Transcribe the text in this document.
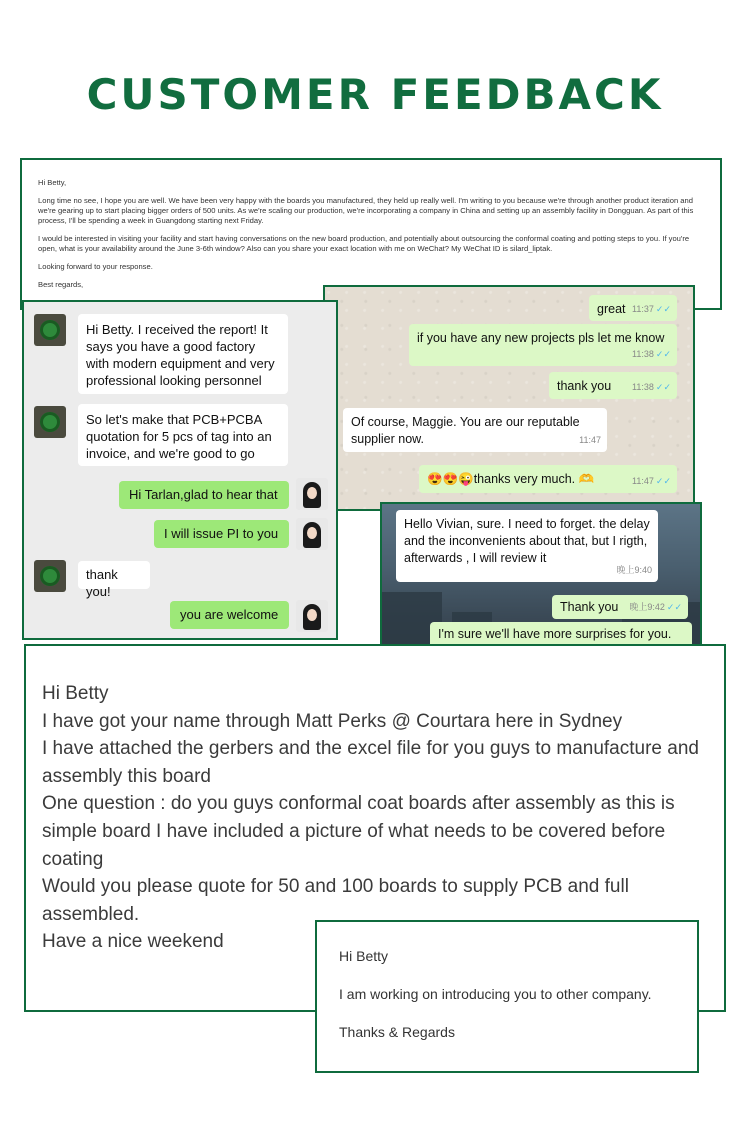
CUSTOMER FEEDBACK

Hi Betty,

Long time no see, I hope you are well. We have been very happy with the boards you manufactured, they held up really well. I'm writing to you because we're through another product iteration and we're gearing up to start placing bigger orders of 500 units. As we're scaling our production, we're incorporating a company in China and setting up an assembly facility in Dongguan. As part of this process, I'll be spending a week in Guangdong starting next Friday.

I would be interested in visiting your facility and start having conversations on the new board production, and potentially about outsourcing the conformal coating and potting steps to you. If you're open, what is your availability around the June 3-6th window? Also can you share your exact location with me on WeChat? My WeChat ID is silard_liptak.

Looking forward to your response.

Best regards,

great 11:37 ✓✓
if you have any new projects pls let me know
11:38 ✓✓
thank you 11:38 ✓✓
Of course, Maggie. You are our reputable supplier now.	11:47
😍😍😜thanks very much. 🫶	11:47 ✓✓
Hi Betty. I received the report! It says you have a good factory with modern equipment and very professional looking personnel
So let's make that PCB+PCBA quotation for 5 pcs of tag into an invoice, and we're good to go
Hi Tarlan,glad to hear that
I will issue PI to you
thank you!
you are welcome
Hello Vivian, sure. I need to forget. the delay and the inconvenients about that, but I rigth, afterwards , I will review it
晚上9:40
Thank you 晚上9:42 ✓✓
I'm sure we'll have more surprises for you.
Hi Betty
I have got your name through Matt Perks @ Courtara here in Sydney
I have attached the gerbers and the excel file for you guys to manufacture and assembly this board
One question : do you guys conformal coat boards after assembly as this is simple board I have included a picture of what needs to be covered before coating
Would you please quote for 50 and 100 boards to supply PCB and full assembled.
Have a nice weekend
Hi Betty
I am working on introducing you to other company.
Thanks & Regards
